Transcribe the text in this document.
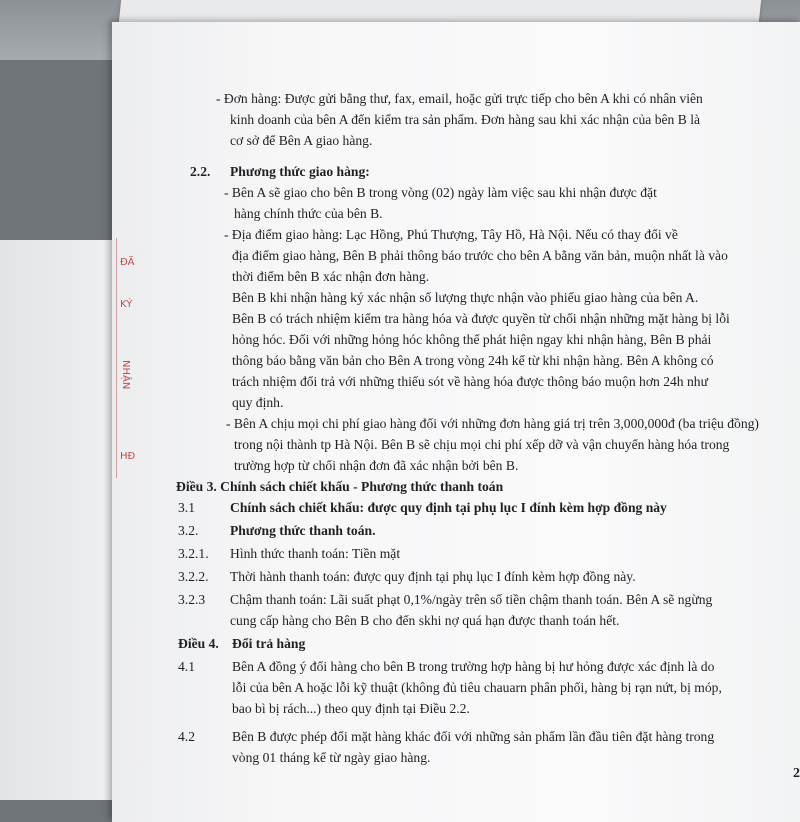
- Đơn hàng: Được gửi bằng thư, fax, email, hoặc gửi trực tiếp cho bên A khi có nhân viên
kinh doanh của bên A đến kiểm tra sản phẩm. Đơn hàng sau khi xác nhận của bên B là
cơ sở để Bên A giao hàng.
2.2. Phương thức giao hàng:
- Bên A sẽ giao cho bên B trong vòng (02) ngày làm việc sau khi nhận được đặt
hàng chính thức của bên B.
- Địa điểm giao hàng: Lạc Hồng, Phú Thượng, Tây Hồ, Hà Nội. Nếu có thay đổi về
địa điểm giao hàng, Bên B phải thông báo trước cho bên A bằng văn bản, muộn nhất là vào
thời điểm bên B xác nhận đơn hàng.
Bên B khi nhận hàng ký xác nhận số lượng thực nhận vào phiếu giao hàng của bên A.
Bên B có trách nhiệm kiểm tra hàng hóa và được quyền từ chối nhận những mặt hàng bị lỗi
hỏng hóc. Đối với những hỏng hóc không thể phát hiện ngay khi nhận hàng, Bên B phải
thông báo bằng văn bản cho Bên A trong vòng 24h kể từ khi nhận hàng. Bên A không có
trách nhiệm đổi trả với những thiếu sót về hàng hóa được thông báo muộn hơn 24h như
quy định.
- Bên A chịu mọi chi phí giao hàng đối với những đơn hàng giá trị trên 3,000,000đ (ba triệu đồng)
trong nội thành tp Hà Nội. Bên B sẽ chịu mọi chi phí xếp dỡ và vận chuyển hàng hóa trong
trường hợp từ chối nhận đơn đã xác nhận bởi bên B.
Điều 3. Chính sách chiết khấu - Phương thức thanh toán
3.1	Chính sách chiết khấu: được quy định tại phụ lục I đính kèm hợp đồng này
3.2. Phương thức thanh toán.
3.2.1. Hình thức thanh toán: Tiền mặt
3.2.2. Thời hành thanh toán: được quy định tại phụ lục I đính kèm hợp đồng này.
3.2.3 Chậm thanh toán: Lãi suất phạt 0,1%/ngày trên số tiền chậm thanh toán. Bên A sẽ ngừng
cung cấp hàng cho Bên B cho đến skhi nợ quá hạn được thanh toán hết.
Điều 4. Đổi trả hàng
4.1	Bên A đồng ý đổi hàng cho bên B trong trường hợp hàng bị hư hỏng được xác định là do
lỗi của bên A hoặc lỗi kỹ thuật (không đủ tiêu chauarn phân phối, hàng bị rạn nứt, bị móp,
bao bì bị rách...) theo quy định tại Điều 2.2.
4.2	Bên B được phép đổi mặt hàng khác đối với những sản phẩm lần đầu tiên đặt hàng trong
vòng 01 tháng kể từ ngày giao hàng.
2
ĐÃ
KÝ
NHẬN
HĐ
